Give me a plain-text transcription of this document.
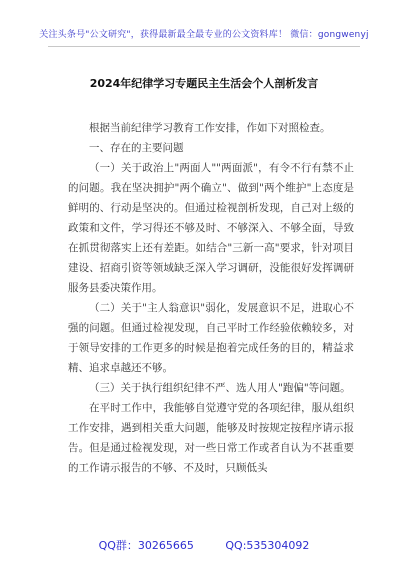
关注头条号"公文研究"，获得最新最全最专业的公文资料库！ 微信：gongwenyj
2024年纪律学习专题民主生活会个人剖析发言

根据当前纪律学习教育工作安排，作如下对照检查。

一、存在的主要问题

（一）关于政治上"两面人""两面派"，有令不行有禁不止的问题。我在坚决拥护"两个确立"、做到"两个维护"上态度是鲜明的、行动是坚决的。但通过检视剖析发现，自己对上级的政策和文件，学习得还不够及时、不够深入、不够全面，导致在抓贯彻落实上还有差距。如结合"三新一高"要求，针对项目建设、招商引资等领域缺乏深入学习调研，没能很好发挥调研服务县委决策作用。

（二）关于"主人翁意识"弱化，发展意识不足，进取心不强的问题。但通过检视发现，自己平时工作经验依赖较多，对于领导安排的工作更多的时候是抱着完成任务的目的，精益求精、追求卓越还不够。

（三）关于执行组织纪律不严、选人用人"跑偏"等问题。

在平时工作中，我能够自觉遵守党的各项纪律，服从组织工作安排，遇到相关重大问题，能够及时按规定按程序请示报告。但是通过检视发现，对一些日常工作或者自认为不甚重要的工作请示报告的不够、不及时，只顾低头

QQ群：30265665	QQ:535304092
